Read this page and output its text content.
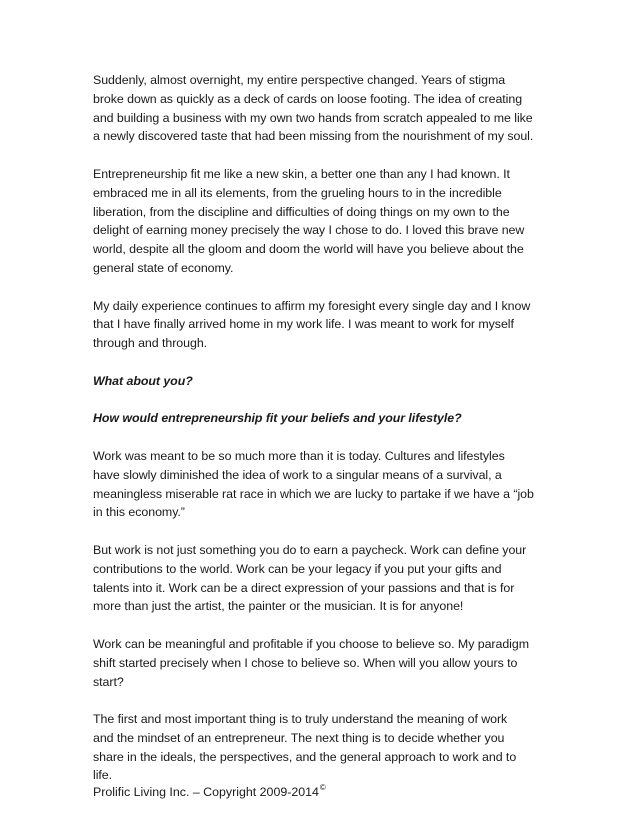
Suddenly, almost overnight, my entire perspective changed. Years of stigma
broke down as quickly as a deck of cards on loose footing. The idea of creating
and building a business with my own two hands from scratch appealed to me like
a newly discovered taste that had been missing from the nourishment of my soul.

Entrepreneurship fit me like a new skin, a better one than any I had known. It
embraced me in all its elements, from the grueling hours to in the incredible
liberation, from the discipline and difficulties of doing things on my own to the
delight of earning money precisely the way I chose to do. I loved this brave new
world, despite all the gloom and doom the world will have you believe about the
general state of economy.

My daily experience continues to affirm my foresight every single day and I know
that I have finally arrived home in my work life. I was meant to work for myself
through and through.

What about you?

How would entrepreneurship fit your beliefs and your lifestyle?

Work was meant to be so much more than it is today. Cultures and lifestyles
have slowly diminished the idea of work to a singular means of a survival, a
meaningless miserable rat race in which we are lucky to partake if we have a “job
in this economy.”

But work is not just something you do to earn a paycheck. Work can define your
contributions to the world. Work can be your legacy if you put your gifts and
talents into it. Work can be a direct expression of your passions and that is for
more than just the artist, the painter or the musician. It is for anyone!

Work can be meaningful and profitable if you choose to believe so. My paradigm
shift started precisely when I chose to believe so. When will you allow yours to
start?

The first and most important thing is to truly understand the meaning of work
and the mindset of an entrepreneur. The next thing is to decide whether you
share in the ideals, the perspectives, and the general approach to work and to
life.

Prolific Living Inc. – Copyright 2009-2014©
